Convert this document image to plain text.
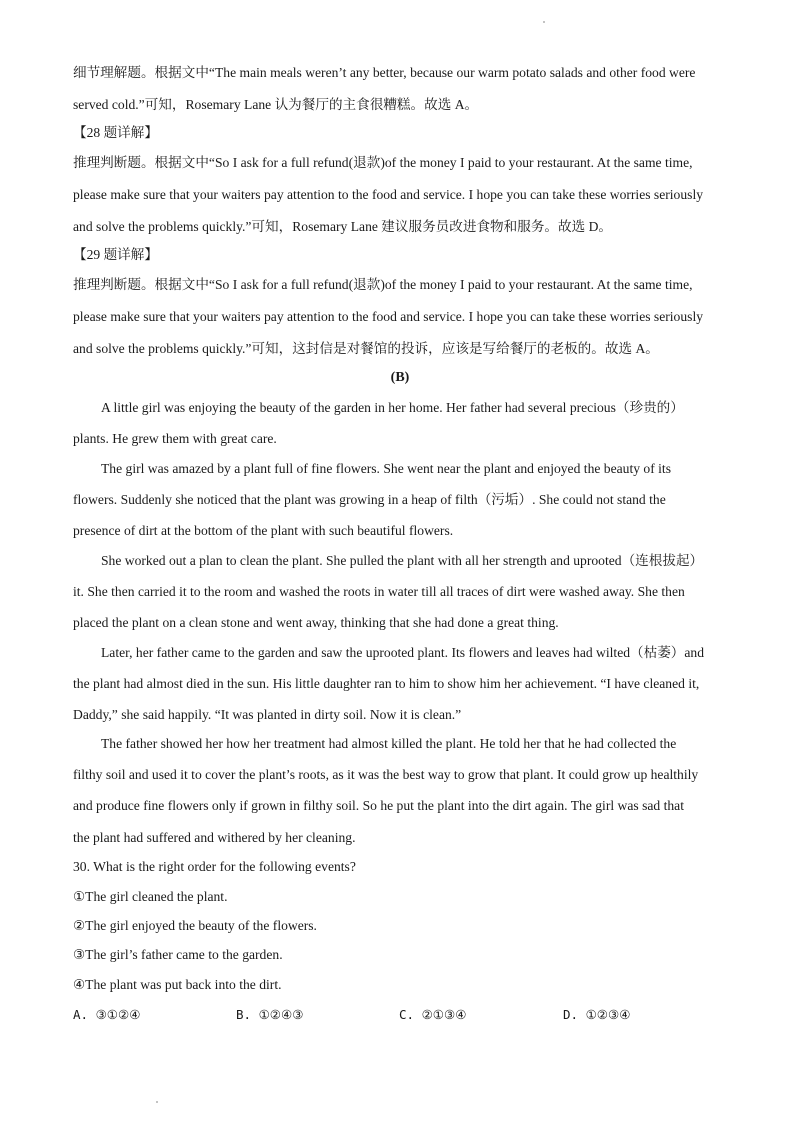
细节理解题。根据文中“The main meals weren’t any better, because our warm potato salads and other food were
served cold.”可知，Rosemary Lane 认为餐厅的主食很糟糕。故选 A。
【28 题详解】
推理判断题。根据文中“So I ask for a full refund(退款)of the money I paid to your restaurant. At the same time,
please make sure that your waiters pay attention to the food and service. I hope you can take these worries seriously
and solve the problems quickly.”可知，Rosemary Lane 建议服务员改进食物和服务。故选 D。
【29 题详解】
推理判断题。根据文中“So I ask for a full refund(退款)of the money I paid to your restaurant. At the same time,
please make sure that your waiters pay attention to the food and service. I hope you can take these worries seriously
and solve the problems quickly.”可知，这封信是对餐馆的投诉，应该是写给餐厅的老板的。故选 A。
(B)
A little girl was enjoying the beauty of the garden in her home. Her father had several precious（珍贵的）
plants. He grew them with great care.
The girl was amazed by a plant full of fine flowers. She went near the plant and enjoyed the beauty of its
flowers. Suddenly she noticed that the plant was growing in a heap of filth（污垢）. She could not stand the
presence of dirt at the bottom of the plant with such beautiful flowers.
She worked out a plan to clean the plant. She pulled the plant with all her strength and uprooted（连根拔起）
it. She then carried it to the room and washed the roots in water till all traces of dirt were washed away. She then
placed the plant on a clean stone and went away, thinking that she had done a great thing.
Later, her father came to the garden and saw the uprooted plant. Its flowers and leaves had wilted（枯萎）and
the plant had almost died in the sun. His little daughter ran to him to show him her achievement. “I have cleaned it,
Daddy,” she said happily. “It was planted in dirty soil. Now it is clean.”
The father showed her how her treatment had almost killed the plant. He told her that he had collected the
filthy soil and used it to cover the plant’s roots, as it was the best way to grow that plant. It could grow up healthily
and produce fine flowers only if grown in filthy soil. So he put the plant into the dirt again. The girl was sad that
the plant had suffered and withered by her cleaning.
30. What is the right order for the following events?
①The girl cleaned the plant.
②The girl enjoyed the beauty of the flowers.
③The girl’s father came to the garden.
④The plant was put back into the dirt.
A. ③①②④	B. ①②④③	C. ②①③④	D. ①②③④
